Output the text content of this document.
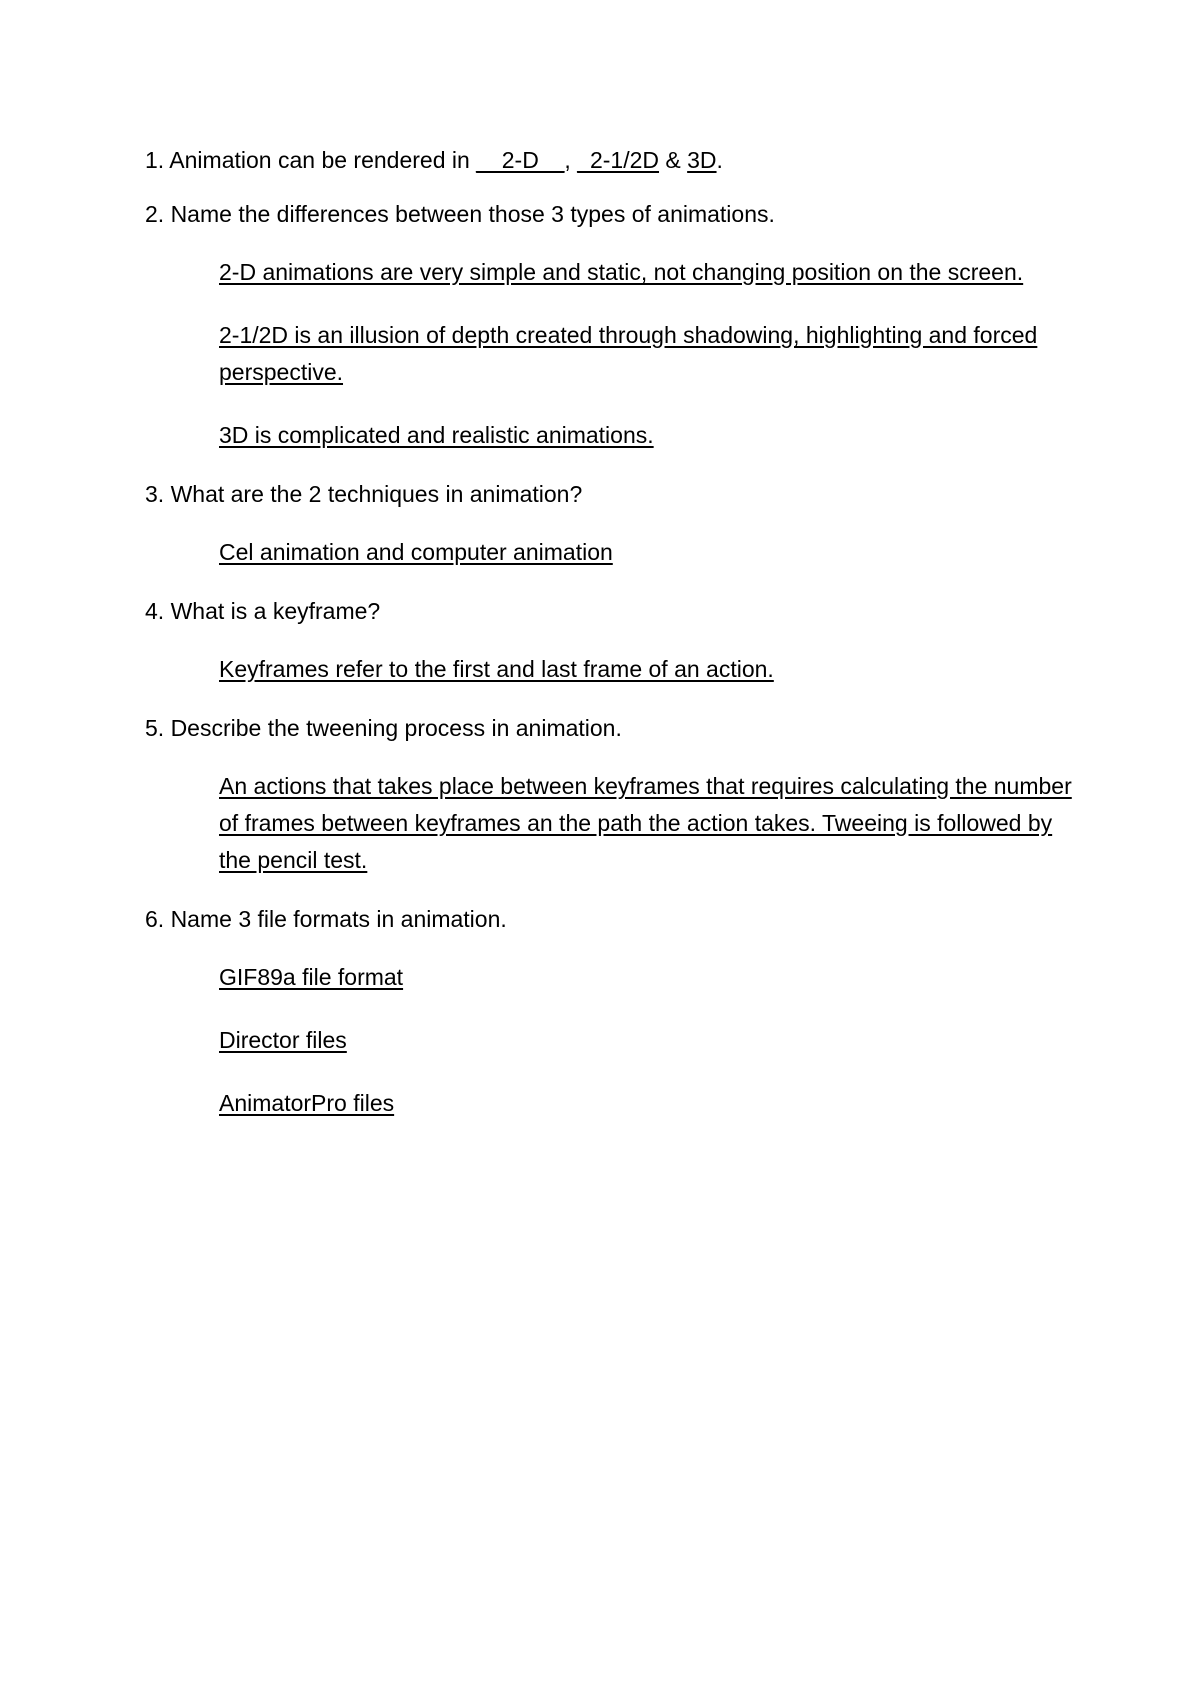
1. Animation can be rendered in __2-D__, _2-1/2D & 3D.

2. Name the differences between those 3 types of animations.

2-D animations are very simple and static, not changing position on the screen.
2-1/2D is an illusion of depth created through shadowing, highlighting and forced perspective.
3D is complicated and realistic animations.

3. What are the 2 techniques in animation?

Cel animation and computer animation

4. What is a keyframe?

Keyframes refer to the first and last frame of an action.

5. Describe the tweening process in animation.

An actions that takes place between keyframes that requires calculating the number of frames between keyframes an the path the action takes. Tweeing is followed by the pencil test.

6. Name 3 file formats in animation.

GIF89a file format
Director files
AnimatorPro files
